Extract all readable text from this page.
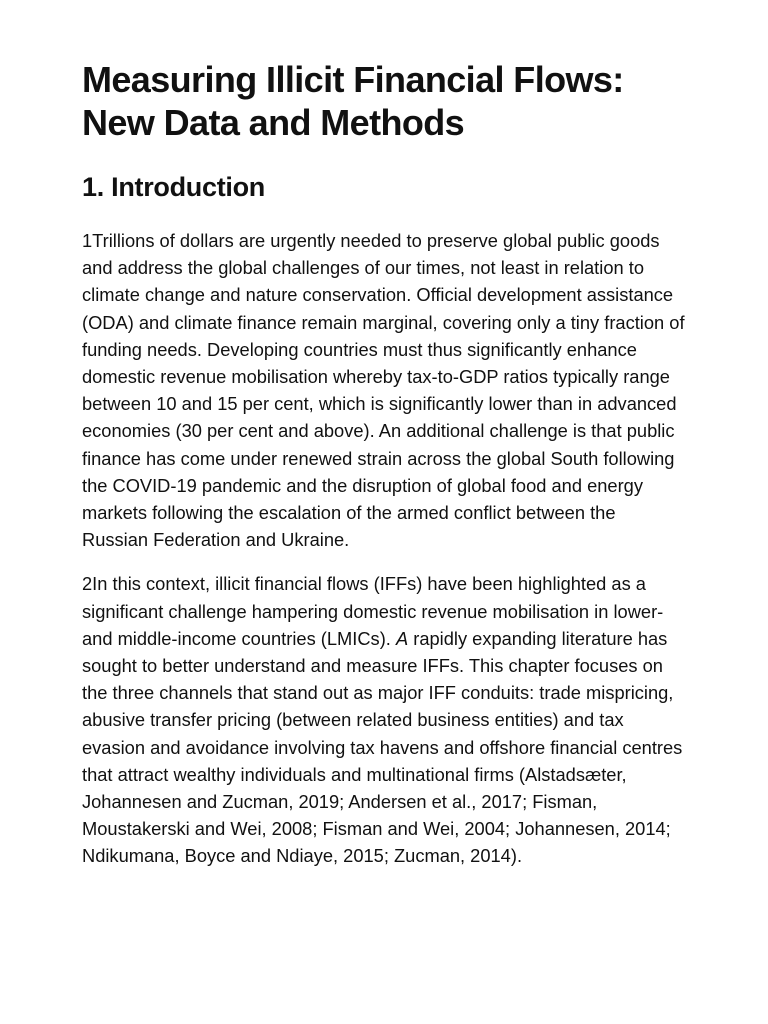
Measuring Illicit Financial Flows: New Data and Methods
1. Introduction

1Trillions of dollars are urgently needed to preserve global public goods and address the global challenges of our times, not least in relation to climate change and nature conservation. Official development assistance (ODA) and climate finance remain marginal, covering only a tiny fraction of funding needs. Developing countries must thus significantly enhance domestic revenue mobilisation whereby tax-to-GDP ratios typically range between 10 and 15 per cent, which is significantly lower than in advanced economies (30 per cent and above). An additional challenge is that public finance has come under renewed strain across the global South following the COVID-19 pandemic and the disruption of global food and energy markets following the escalation of the armed conflict between the Russian Federation and Ukraine.

2In this context, illicit financial flows (IFFs) have been highlighted as a significant challenge hampering domestic revenue mobilisation in lower- and middle-income countries (LMICs). A rapidly expanding literature has sought to better understand and measure IFFs. This chapter focuses on the three channels that stand out as major IFF conduits: trade mispricing, abusive transfer pricing (between related business entities) and tax evasion and avoidance involving tax havens and offshore financial centres that attract wealthy individuals and multinational firms (Alstadsæter, Johannesen and Zucman, 2019; Andersen et al., 2017; Fisman, Moustakerski and Wei, 2008; Fisman and Wei, 2004; Johannesen, 2014; Ndikumana, Boyce and Ndiaye, 2015; Zucman, 2014).
